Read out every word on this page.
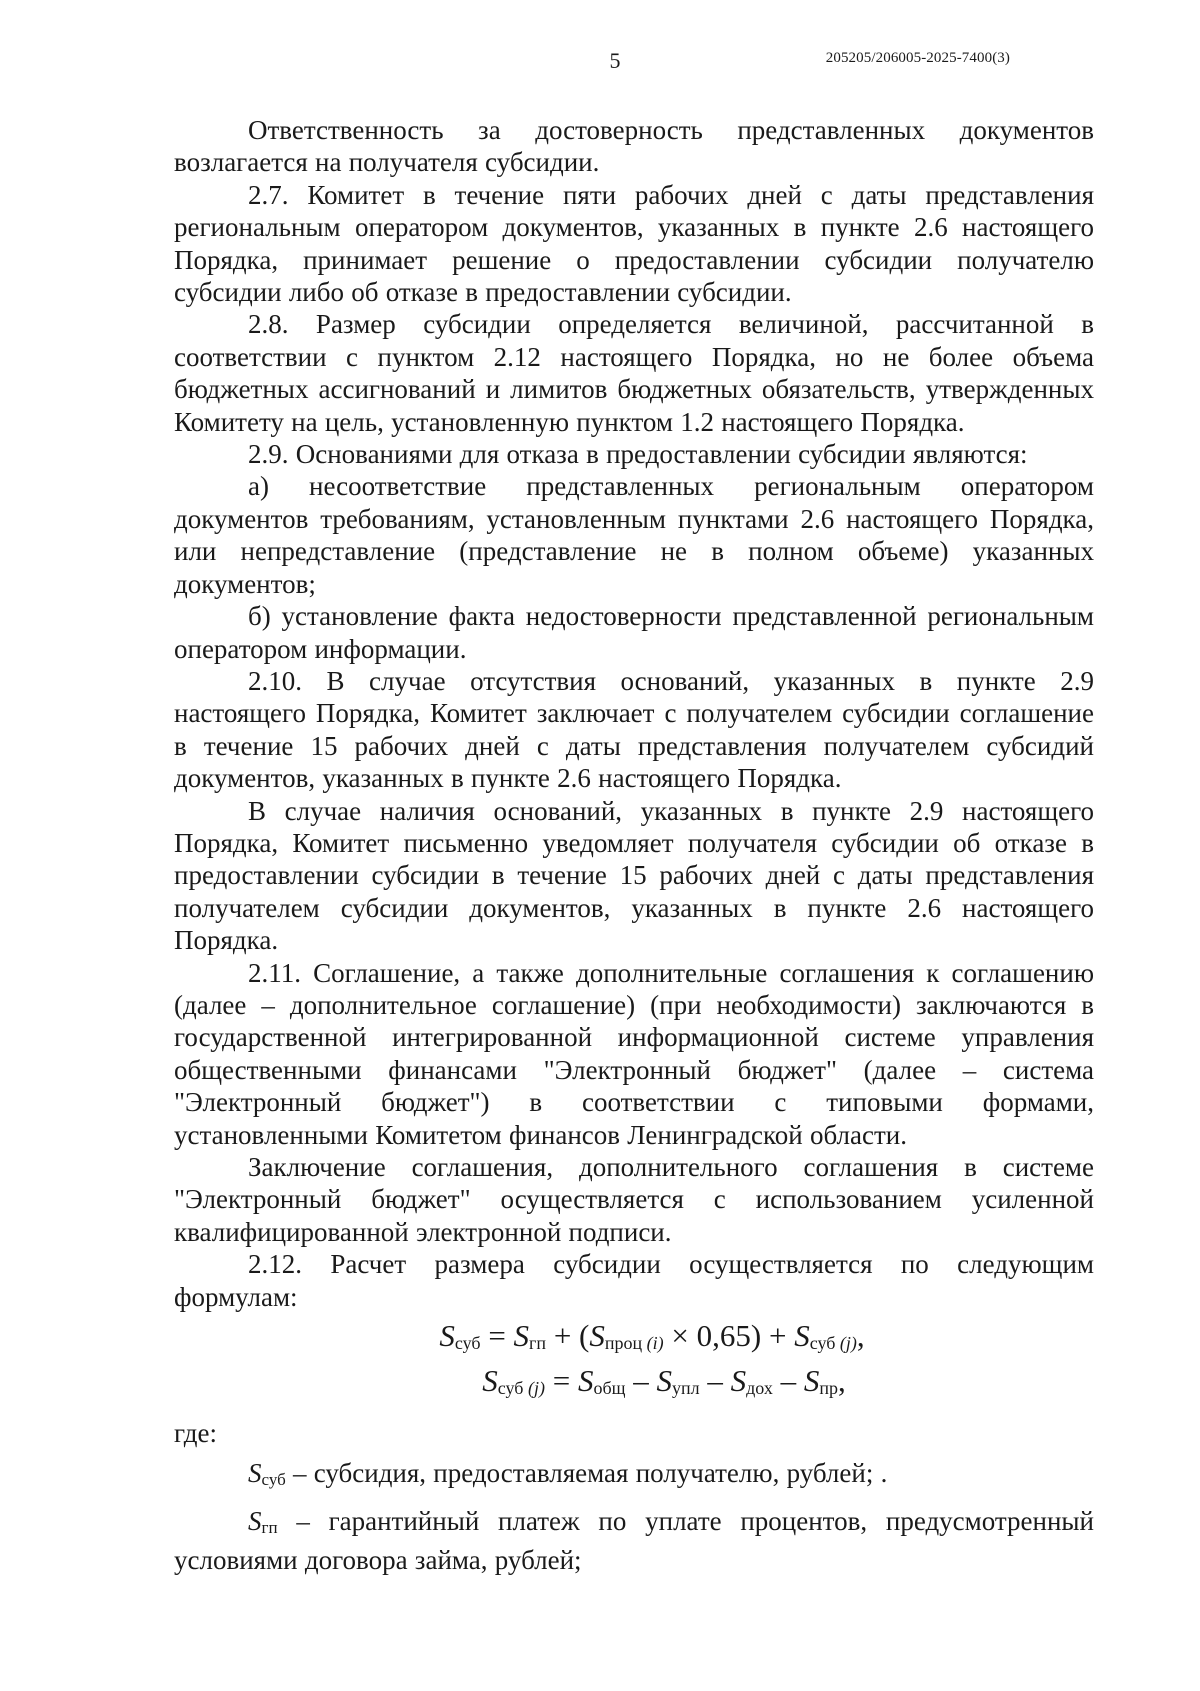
5	205205/206005-2025-7400(3)

Ответственность за достоверность представленных документов возлагается на получателя субсидии.

2.7. Комитет в течение пяти рабочих дней с даты представления региональным оператором документов, указанных в пункте 2.6 настоящего Порядка, принимает решение о предоставлении субсидии получателю субсидии либо об отказе в предоставлении субсидии.

2.8. Размер субсидии определяется величиной, рассчитанной в соответствии с пунктом 2.12 настоящего Порядка, но не более объема бюджетных ассигнований и лимитов бюджетных обязательств, утвержденных Комитету на цель, установленную пунктом 1.2 настоящего Порядка.

2.9. Основаниями для отказа в предоставлении субсидии являются:

а) несоответствие представленных региональным оператором документов требованиям, установленным пунктами 2.6 настоящего Порядка, или непредставление (представление не в полном объеме) указанных документов;

б) установление факта недостоверности представленной региональным оператором информации.

2.10. В случае отсутствия оснований, указанных в пункте 2.9 настоящего Порядка, Комитет заключает с получателем субсидии соглашение в течение 15 рабочих дней с даты представления получателем субсидий документов, указанных в пункте 2.6 настоящего Порядка.

В случае наличия оснований, указанных в пункте 2.9 настоящего Порядка, Комитет письменно уведомляет получателя субсидии об отказе в предоставлении субсидии в течение 15 рабочих дней с даты представления получателем субсидии документов, указанных в пункте 2.6 настоящего Порядка.

2.11. Соглашение, а также дополнительные соглашения к соглашению (далее – дополнительное соглашение) (при необходимости) заключаются в государственной интегрированной информационной системе управления общественными финансами "Электронный бюджет" (далее – система "Электронный бюджет") в соответствии с типовыми формами, установленными Комитетом финансов Ленинградской области.

Заключение соглашения, дополнительного соглашения в системе "Электронный бюджет" осуществляется с использованием усиленной квалифицированной электронной подписи.

2.12. Расчет размера субсидии осуществляется по следующим формулам:

Sсуб = Sгп + (Sпроц (i) × 0,65) + Sсуб (j),
Sсуб (j) = Sобщ – Sупл – Sдох – Sпр,

где:

Sсуб – субсидия, предоставляемая получателю, рублей; .

Sгп – гарантийный платеж по уплате процентов, предусмотренный условиями договора займа, рублей;
